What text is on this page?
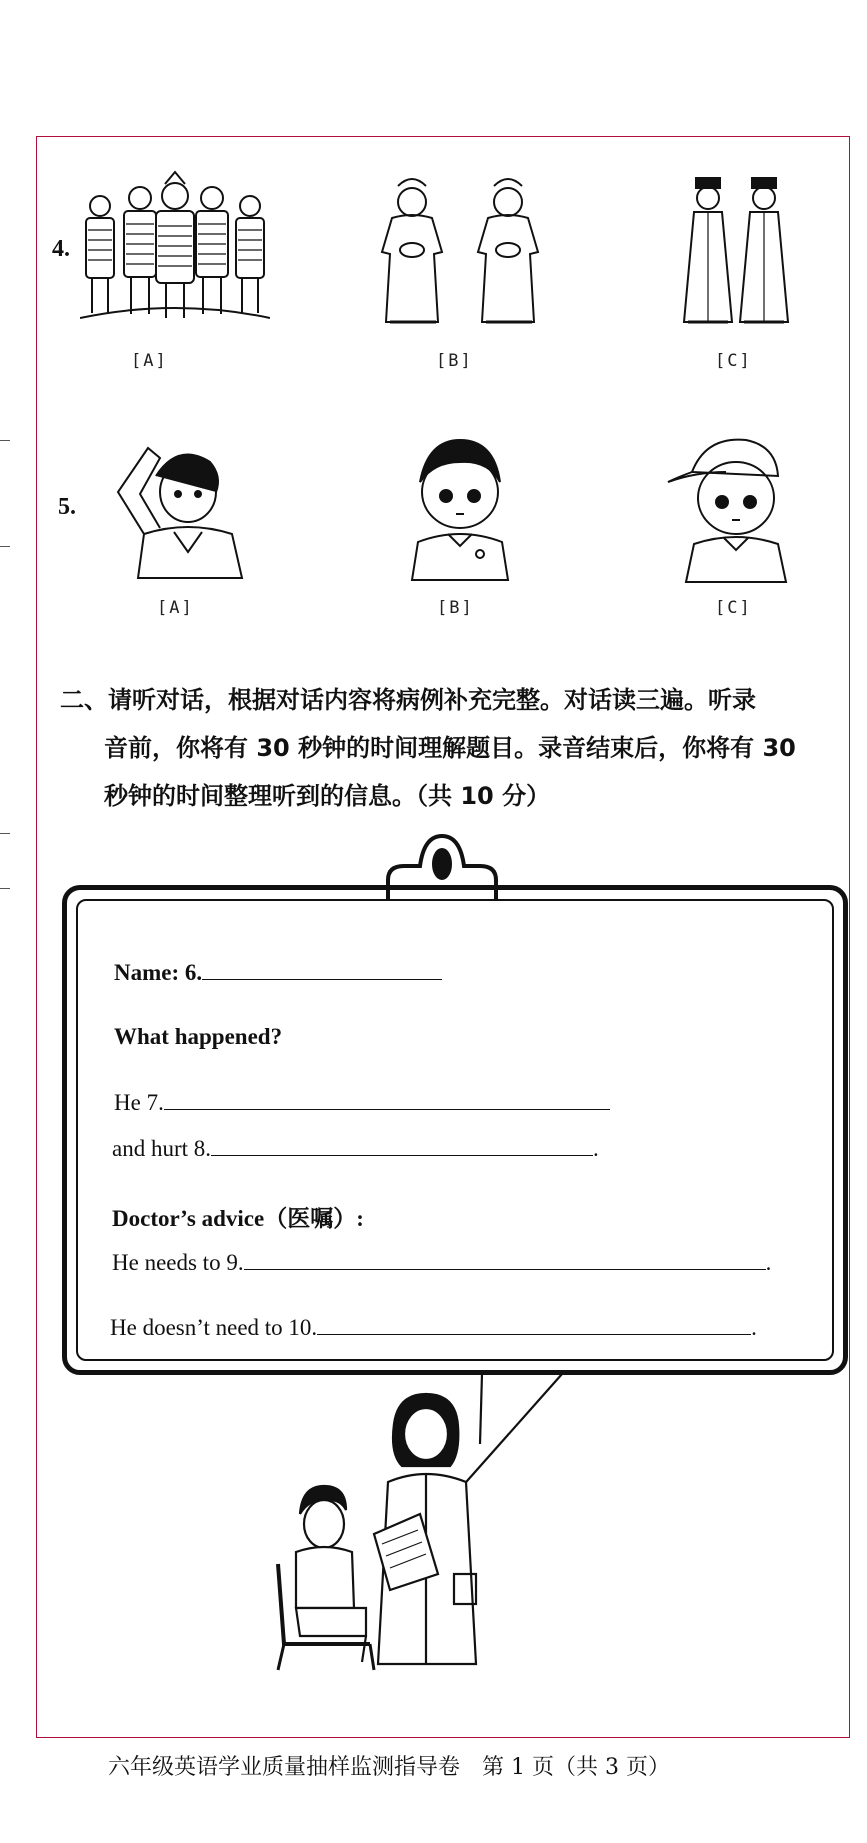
4.
[A]	[B]	[C]
5.
[A]	[B]	[C]
二、请听对话，根据对话内容将病例补充完整。对话读三遍。听录
音前，你将有 30 秒钟的时间理解题目。录音结束后，你将有 30
秒钟的时间整理听到的信息。（共 10 分）
Name: 6.
What happened?
He 7.
and hurt 8.	.
Doctor’s advice（医嘱）:
He needs to 9.	.
He doesn’t need to 10.	.
六年级英语学业质量抽样监测指导卷　第 1 页（共 3 页）
